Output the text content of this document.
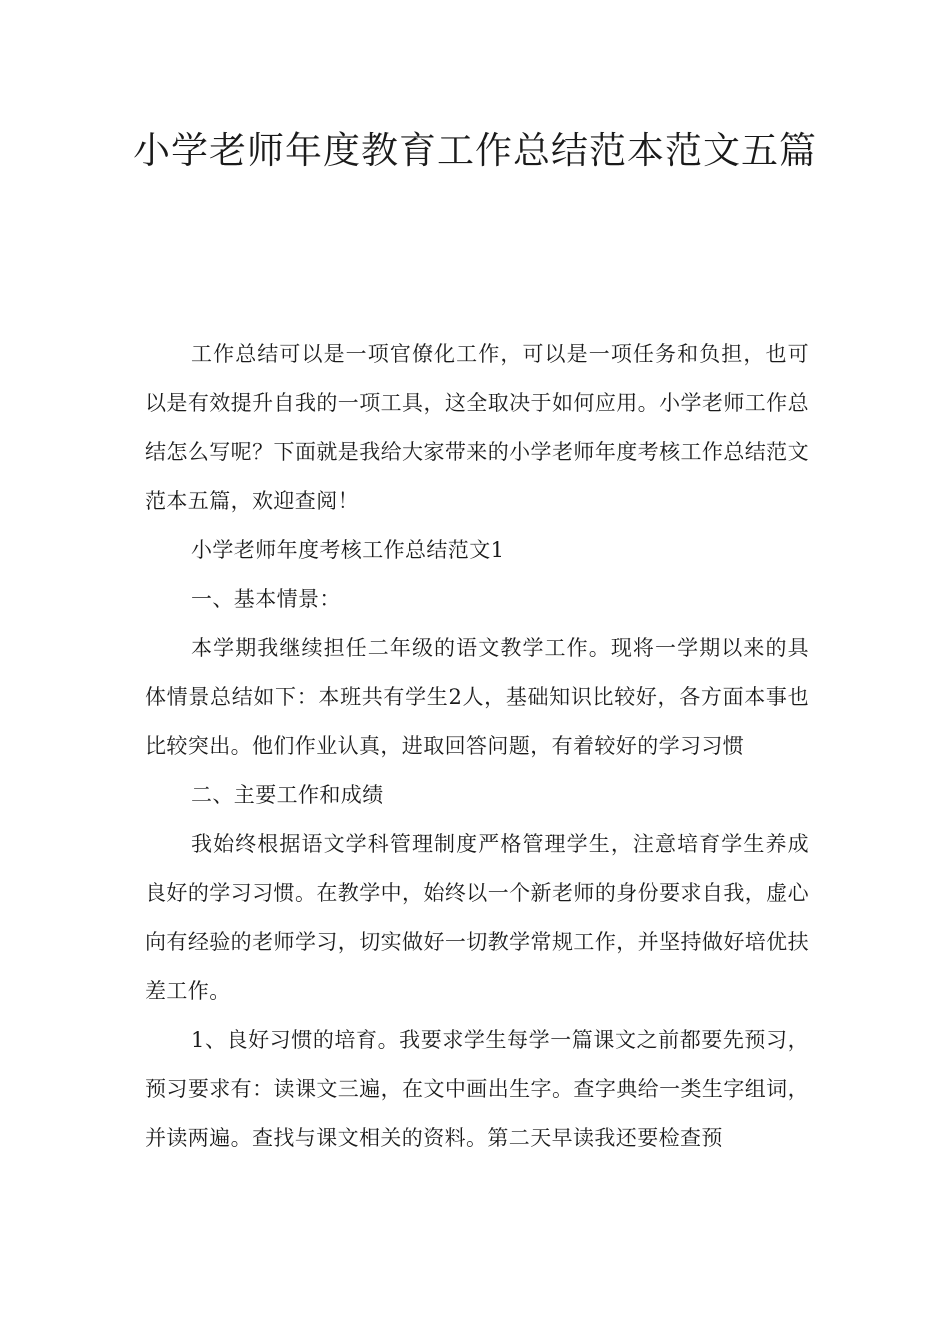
小学老师年度教育工作总结范本范文五篇

工作总结可以是一项官僚化工作，可以是一项任务和负担，也可以是有效提升自我的一项工具，这全取决于如何应用。小学老师工作总结怎么写呢？下面就是我给大家带来的小学老师年度考核工作总结范文范本五篇，欢迎查阅！

小学老师年度考核工作总结范文1

一、基本情景：

本学期我继续担任二年级的语文教学工作。现将一学期以来的具体情景总结如下：本班共有学生2人，基础知识比较好，各方面本事也比较突出。他们作业认真，进取回答问题，有着较好的学习习惯

二、主要工作和成绩

我始终根据语文学科管理制度严格管理学生，注意培育学生养成良好的学习习惯。在教学中，始终以一个新老师的身份要求自我，虚心向有经验的老师学习，切实做好一切教学常规工作，并坚持做好培优扶差工作。

1、良好习惯的培育。我要求学生每学一篇课文之前都要先预习，预习要求有：读课文三遍，在文中画出生字。查字典给一类生字组词，并读两遍。查找与课文相关的资料。第二天早读我还要检查预
